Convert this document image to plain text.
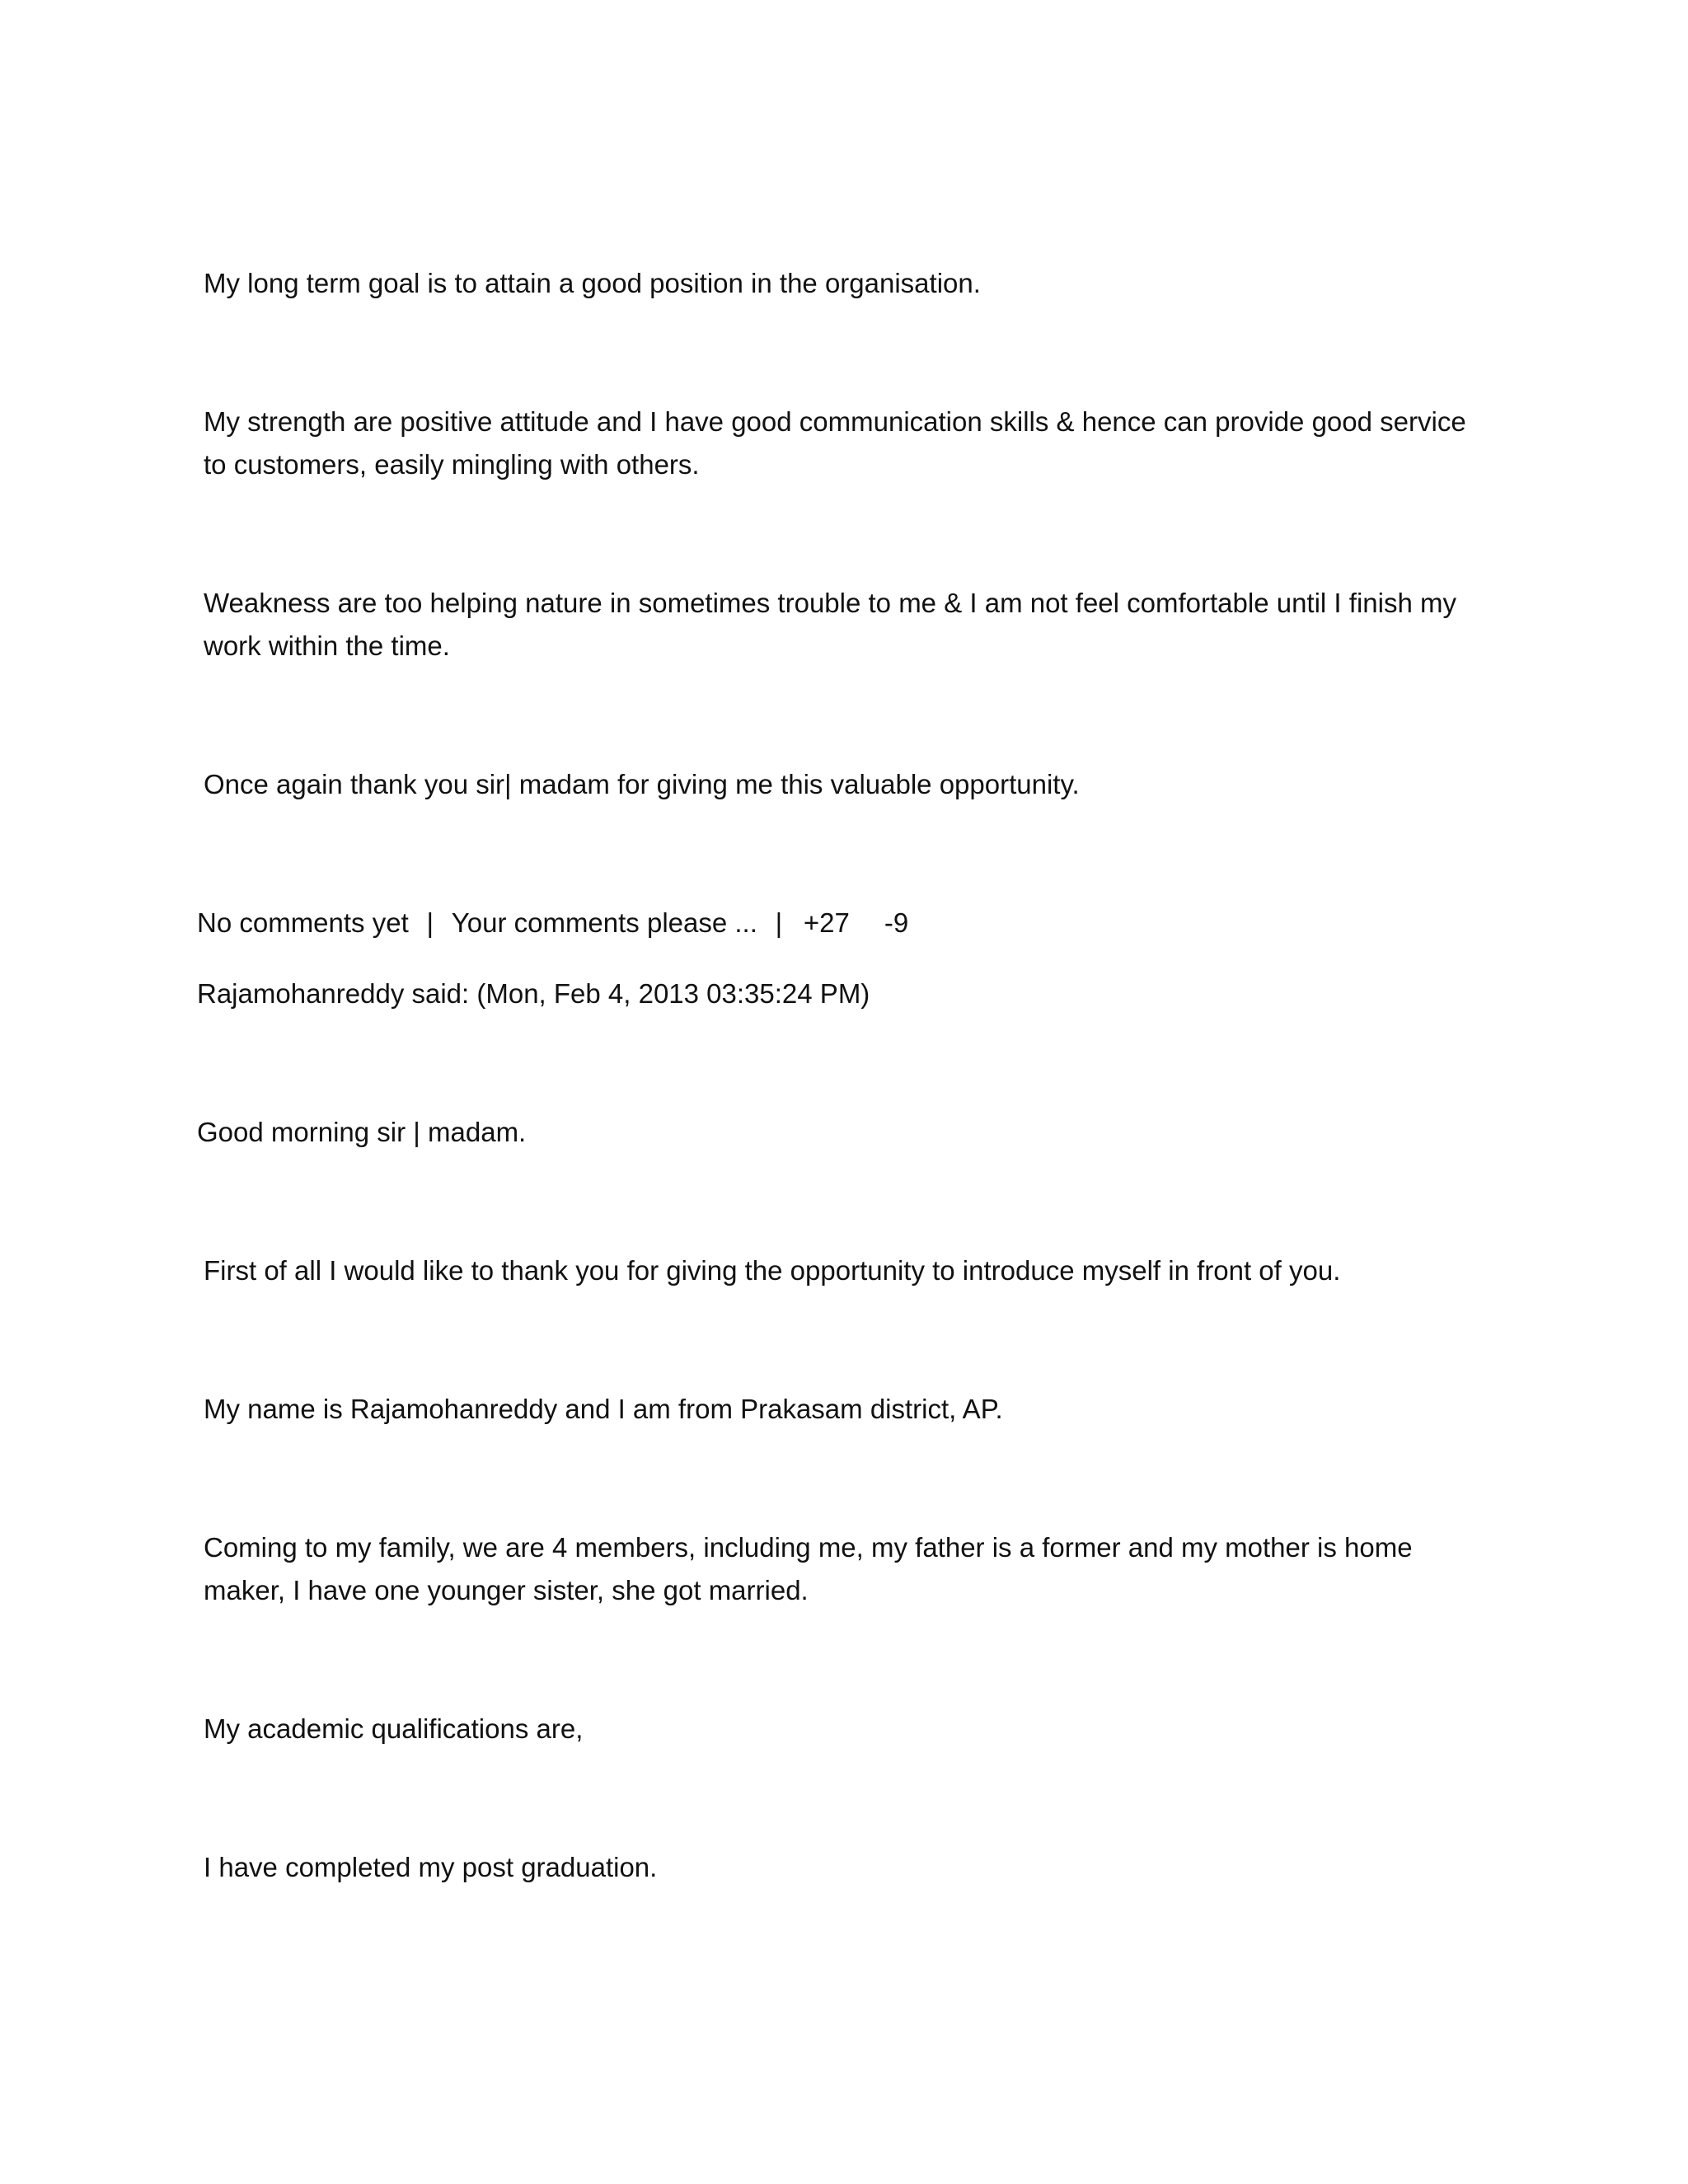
My long term goal is to attain a good position in the organisation.

My strength are positive attitude and I have good communication skills & hence can provide good service to customers, easily mingling with others.

Weakness are too helping nature in sometimes trouble to me & I am not feel comfortable until I finish my work within the time.

Once again thank you sir| madam for giving me this valuable opportunity.

No comments yet | Your comments please ... | +27 -9

Rajamohanreddy said: (Mon, Feb 4, 2013 03:35:24 PM)

Good morning sir | madam.

First of all I would like to thank you for giving the opportunity to introduce myself in front of you.

My name is Rajamohanreddy and I am from Prakasam district, AP.

Coming to my family, we are 4 members, including me, my father is a former and my mother is home maker, I have one younger sister, she got married.

My academic qualifications are,

I have completed my post graduation.
